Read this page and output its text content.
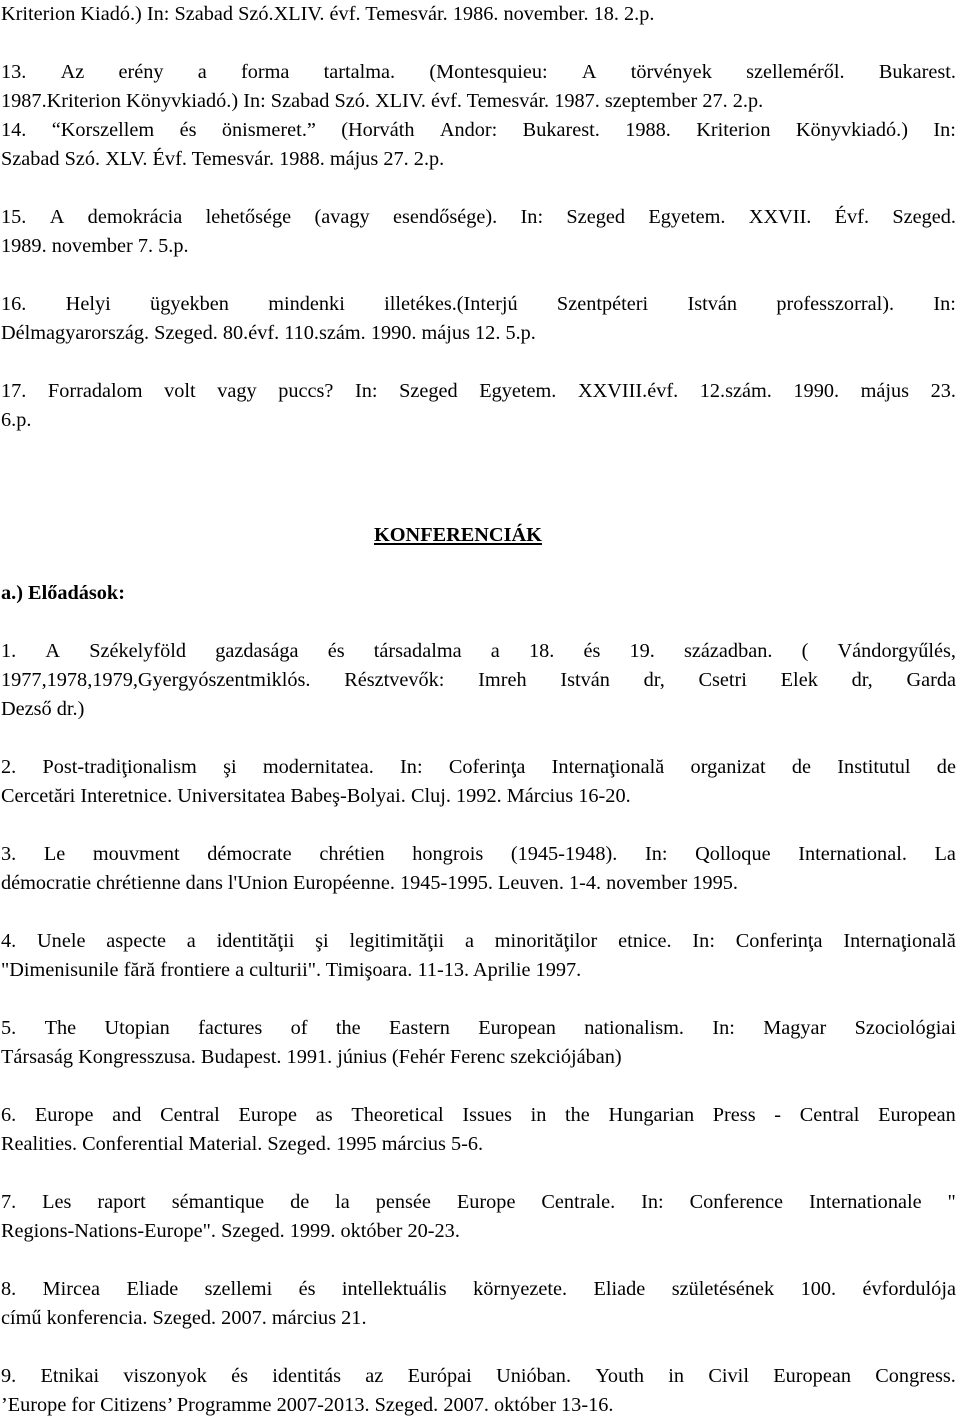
Kriterion Kiadó.) In: Szabad Szó.XLIV. évf. Temesvár. 1986. november. 18. 2.p.
13. Az erény a forma tartalma. (Montesquieu: A törvények szelleméről. Bukarest.
1987.Kriterion Könyvkiadó.) In: Szabad Szó. XLIV. évf. Temesvár. 1987. szeptember 27. 2.p.
14. “Korszellem és önismeret.” (Horváth Andor: Bukarest. 1988. Kriterion Könyvkiadó.) In:
Szabad Szó. XLV. Évf. Temesvár. 1988. május 27. 2.p.
15. A demokrácia lehetősége (avagy esendősége). In: Szeged Egyetem. XXVII. Évf. Szeged.
1989. november 7. 5.p.
16. Helyi ügyekben mindenki illetékes.(Interjú Szentpéteri István professzorral). In:
Délmagyarország. Szeged. 80.évf. 110.szám. 1990. május 12. 5.p.
17. Forradalom volt vagy puccs? In: Szeged Egyetem. XXVIII.évf. 12.szám. 1990. május 23.
6.p.
KONFERENCIÁK
a.) Előadások:
1. A Székelyföld gazdasága és társadalma a 18. és 19. században. ( Vándorgyűlés,
1977,1978,1979,Gyergyószentmiklós. Résztvevők: Imreh István dr, Csetri Elek dr, Garda
Dezső dr.)
2. Post-tradiţionalism şi modernitatea. In: Coferinţa Internaţională organizat de Institutul de
Cercetări Interetnice. Universitatea Babeş-Bolyai. Cluj. 1992. Március 16-20.
3. Le mouvment démocrate chrétien hongrois (1945-1948). In: Qolloque International. La
démocratie chrétienne dans l'Union Européenne. 1945-1995. Leuven. 1-4. november 1995.
4. Unele aspecte a identităţii şi legitimităţii a minorităţilor etnice. In: Conferinţa Internaţională
"Dimenisunile fără frontiere a culturii". Timişoara. 11-13. Aprilie 1997.
5. The Utopian factures of the Eastern European nationalism. In: Magyar Szociológiai
Társaság Kongresszusa. Budapest. 1991. június (Fehér Ferenc szekciójában)
6. Europe and Central Europe as Theoretical Issues in the Hungarian Press - Central European
Realities. Conferential Material. Szeged. 1995 március 5-6.
7. Les raport sémantique de la pensée Europe Centrale. In: Conference Internationale "
Regions-Nations-Europe". Szeged. 1999. október 20-23.
8. Mircea Eliade szellemi és intellektuális környezete. Eliade születésének 100. évfordulója
című konferencia. Szeged. 2007. március 21.
9. Etnikai viszonyok és identitás az Európai Unióban. Youth in Civil European Congress.
’Europe for Citizens’ Programme 2007-2013. Szeged. 2007. október 13-16.
